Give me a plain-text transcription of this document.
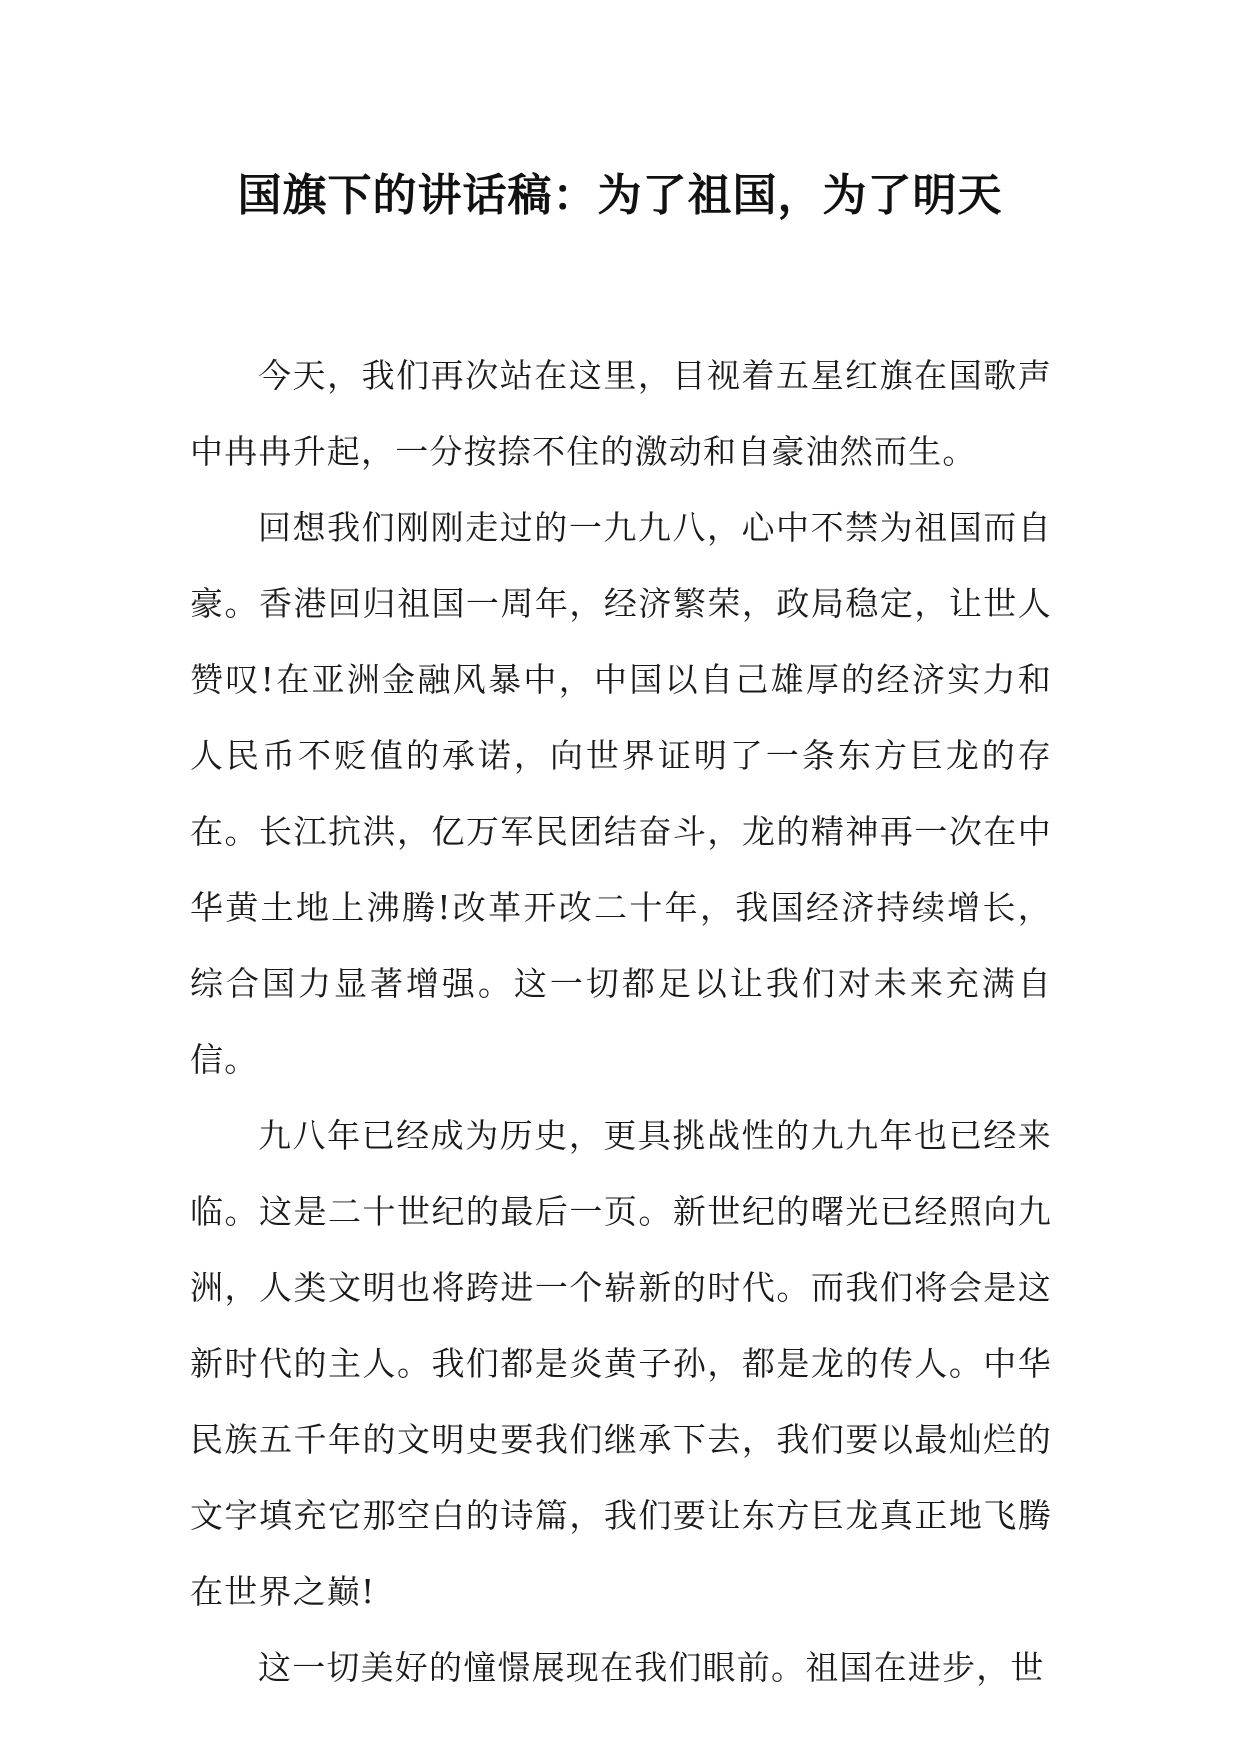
国旗下的讲话稿：为了祖国，为了明天

今天，我们再次站在这里，目视着五星红旗在国歌声中冉冉升起，一分按捺不住的激动和自豪油然而生。

回想我们刚刚走过的一九九八，心中不禁为祖国而自豪。香港回归祖国一周年，经济繁荣，政局稳定，让世人赞叹!在亚洲金融风暴中，中国以自己雄厚的经济实力和人民币不贬值的承诺，向世界证明了一条东方巨龙的存在。长江抗洪，亿万军民团结奋斗，龙的精神再一次在中华黄土地上沸腾!改革开改二十年，我国经济持续增长，综合国力显著增强。这一切都足以让我们对未来充满自信。

九八年已经成为历史，更具挑战性的九九年也已经来临。这是二十世纪的最后一页。新世纪的曙光已经照向九洲，人类文明也将跨进一个崭新的时代。而我们将会是这新时代的主人。我们都是炎黄子孙，都是龙的传人。中华民族五千年的文明史要我们继承下去，我们要以最灿烂的文字填充它那空白的诗篇，我们要让东方巨龙真正地飞腾在世界之巅!

这一切美好的憧憬展现在我们眼前。祖国在进步，世
